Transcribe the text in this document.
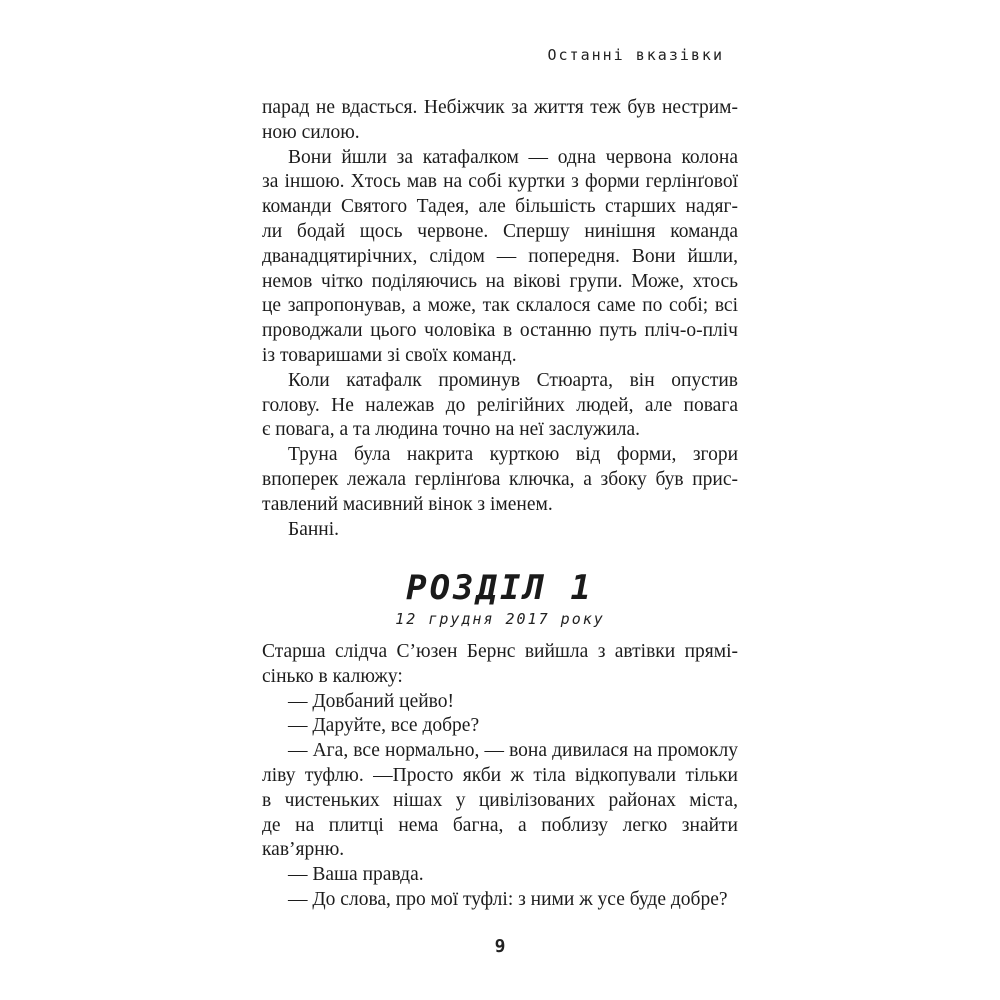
Останні вказівки
парад не вдасться. Небіжчик за життя теж був нестрим-
ною силою.
Вони йшли за катафалком — одна червона колона
за іншою. Хтось мав на собі куртки з форми герлінґової
команди Святого Тадея, але більшість старших надяг-
ли бодай щось червоне. Спершу нинішня команда
дванадцятирічних, слідом — попередня. Вони йшли,
немов чітко поділяючись на вікові групи. Може, хтось
це запропонував, а може, так склалося саме по собі; всі
проводжали цього чоловіка в останню путь пліч-о-пліч
із товаришами зі своїх команд.
Коли катафалк проминув Стюарта, він опустив
голову. Не належав до релігійних людей, але повага
є повага, а та людина точно на неї заслужила.
Труна була накрита курткою від форми, згори
впоперек лежала герлінґова ключка, а збоку був прис-
тавлений масивний вінок з іменем.
Банні.
РОЗДІЛ 1
12 грудня 2017 року
Старша слідча С’юзен Бернс вийшла з автівки прямі-
сінько в калюжу:
— Довбаний цейво!
— Даруйте, все добре?
— Ага, все нормально, — вона дивилася на промоклу
ліву туфлю. —Просто якби ж тіла відкопували тільки
в чистеньких нішах у цивілізованих районах міста,
де на плитці нема багна, а поблизу легко знайти
кав’ярню.
— Ваша правда.
— До слова, про мої туфлі: з ними ж усе буде добре?
9
